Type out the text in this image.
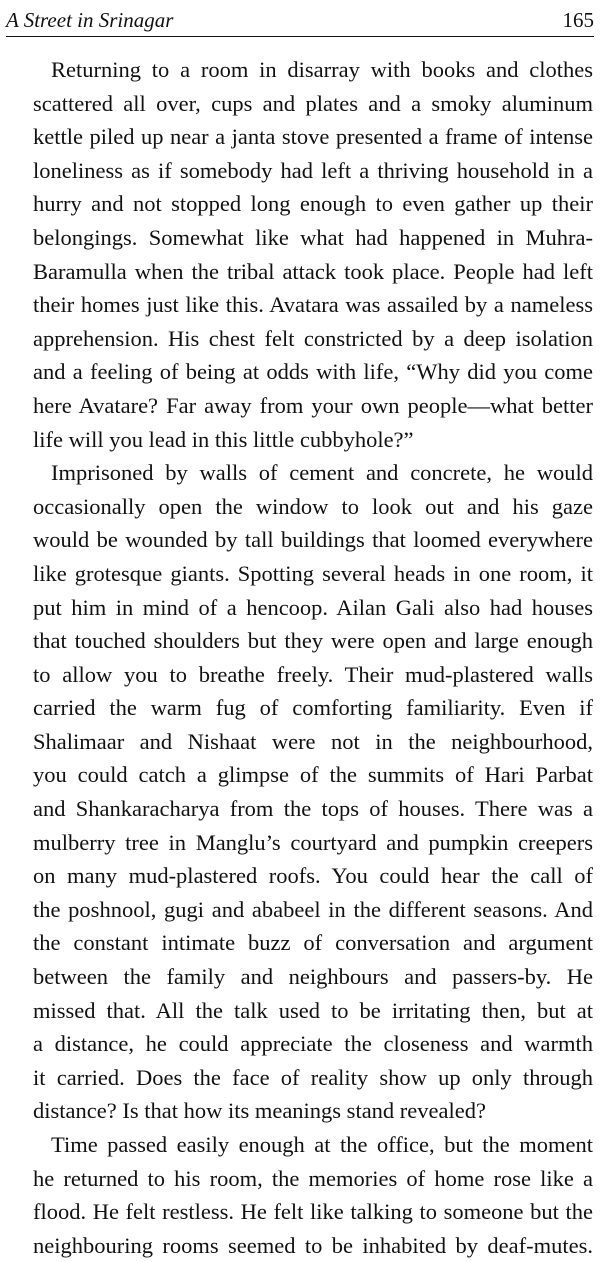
A Street in Srinagar	165
Returning to a room in disarray with books and clothes
scattered all over, cups and plates and a smoky aluminum
kettle piled up near a janta stove presented a frame of intense
loneliness as if somebody had left a thriving household in a
hurry and not stopped long enough to even gather up their
belongings. Somewhat like what had happened in Muhra-
Baramulla when the tribal attack took place. People had left
their homes just like this. Avatara was assailed by a nameless
apprehension. His chest felt constricted by a deep isolation
and a feeling of being at odds with life, “Why did you come
here Avatare? Far away from your own people—what better
life will you lead in this little cubbyhole?”
Imprisoned by walls of cement and concrete, he would
occasionally open the window to look out and his gaze
would be wounded by tall buildings that loomed everywhere
like grotesque giants. Spotting several heads in one room, it
put him in mind of a hencoop. Ailan Gali also had houses
that touched shoulders but they were open and large enough
to allow you to breathe freely. Their mud-plastered walls
carried the warm fug of comforting familiarity. Even if
Shalimaar and Nishaat were not in the neighbourhood,
you could catch a glimpse of the summits of Hari Parbat
and Shankaracharya from the tops of houses. There was a
mulberry tree in Manglu’s courtyard and pumpkin creepers
on many mud-plastered roofs. You could hear the call of
the poshnool, gugi and ababeel in the different seasons. And
the constant intimate buzz of conversation and argument
between the family and neighbours and passers-by. He
missed that. All the talk used to be irritating then, but at
a distance, he could appreciate the closeness and warmth
it carried. Does the face of reality show up only through
distance? Is that how its meanings stand revealed?
Time passed easily enough at the office, but the moment
he returned to his room, the memories of home rose like a
flood. He felt restless. He felt like talking to someone but the
neighbouring rooms seemed to be inhabited by deaf-mutes.
